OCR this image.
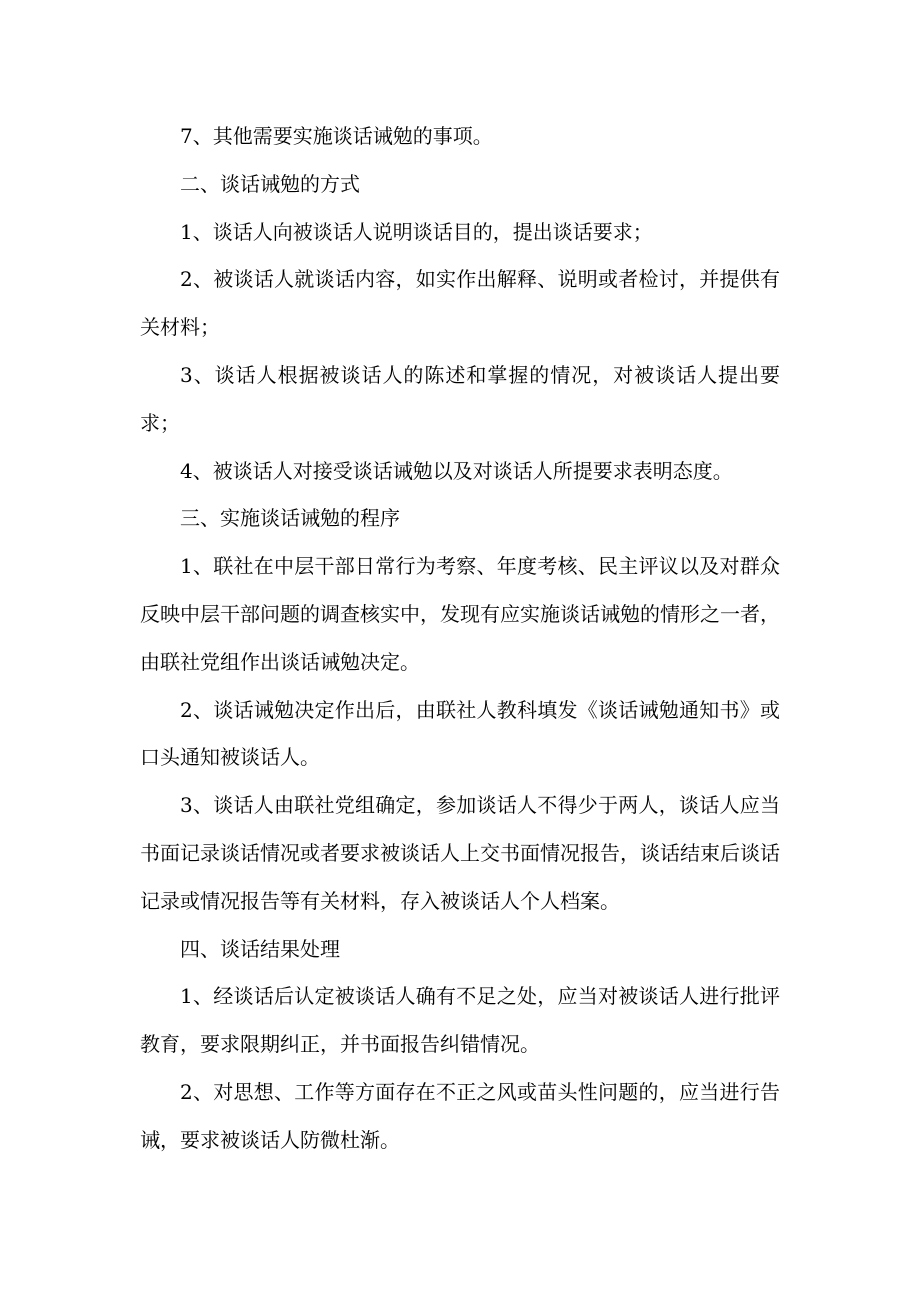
7、其他需要实施谈话诫勉的事项。

二、谈话诫勉的方式

1、谈话人向被谈话人说明谈话目的，提出谈话要求；

2、被谈话人就谈话内容，如实作出解释、说明或者检讨，并提供有关材料；

3、谈话人根据被谈话人的陈述和掌握的情况，对被谈话人提出要求；

4、被谈话人对接受谈话诫勉以及对谈话人所提要求表明态度。

三、实施谈话诫勉的程序

1、联社在中层干部日常行为考察、年度考核、民主评议以及对群众反映中层干部问题的调查核实中，发现有应实施谈话诫勉的情形之一者，由联社党组作出谈话诫勉决定。

2、谈话诫勉决定作出后，由联社人教科填发《谈话诫勉通知书》或口头通知被谈话人。

3、谈话人由联社党组确定，参加谈话人不得少于两人，谈话人应当书面记录谈话情况或者要求被谈话人上交书面情况报告，谈话结束后谈话记录或情况报告等有关材料，存入被谈话人个人档案。

四、谈话结果处理

1、经谈话后认定被谈话人确有不足之处，应当对被谈话人进行批评教育，要求限期纠正，并书面报告纠错情况。

2、对思想、工作等方面存在不正之风或苗头性问题的，应当进行告诫，要求被谈话人防微杜渐。
